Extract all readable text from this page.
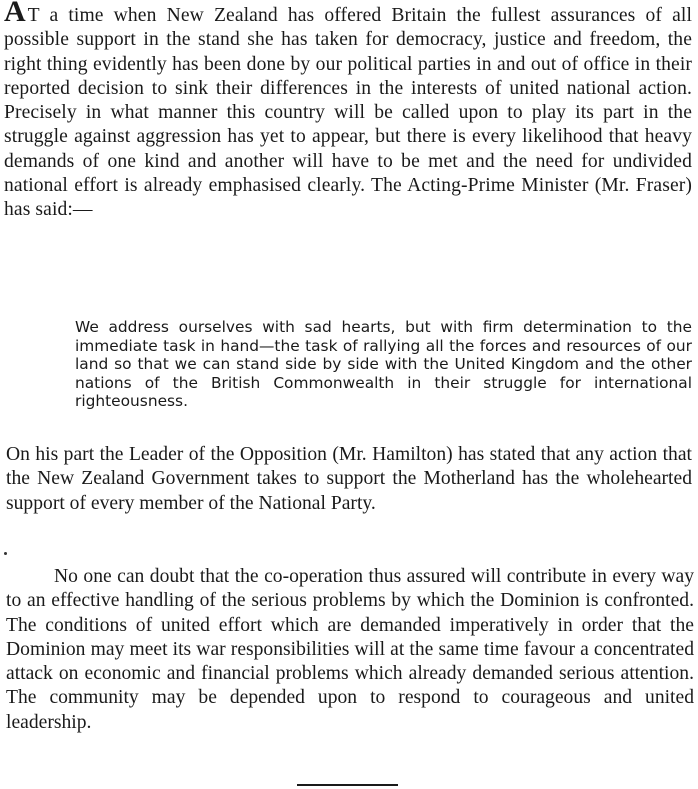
AT a time when New Zealand has offered Britain the fullest assurances of all possible support in the stand she has taken for democracy, justice and freedom, the right thing evidently has been done by our political parties in and out of office in their reported decision to sink their differences in the interests of united national action. Precisely in what manner this country will be called upon to play its part in the struggle against aggression has yet to appear, but there is every likelihood that heavy demands of one kind and another will have to be met and the need for undivided national effort is already emphasised clearly. The Acting-Prime Minister (Mr. Fraser) has said:—

We address ourselves with sad hearts, but with firm determination to the immediate task in hand—the task of rallying all the forces and resources of our land so that we can stand side by side with the United Kingdom and the other nations of the British Commonwealth in their struggle for international righteousness.

On his part the Leader of the Opposition (Mr. Hamilton) has stated that any action that the New Zealand Government takes to support the Motherland has the wholehearted support of every member of the National Party.

No one can doubt that the co-operation thus assured will contribute in every way to an effective handling of the serious problems by which the Dominion is confronted. The conditions of united effort which are demanded imperatively in order that the Dominion may meet its war responsibilities will at the same time favour a concentrated attack on economic and financial problems which already demanded serious attention. The community may be depended upon to respond to courageous and united leadership.
